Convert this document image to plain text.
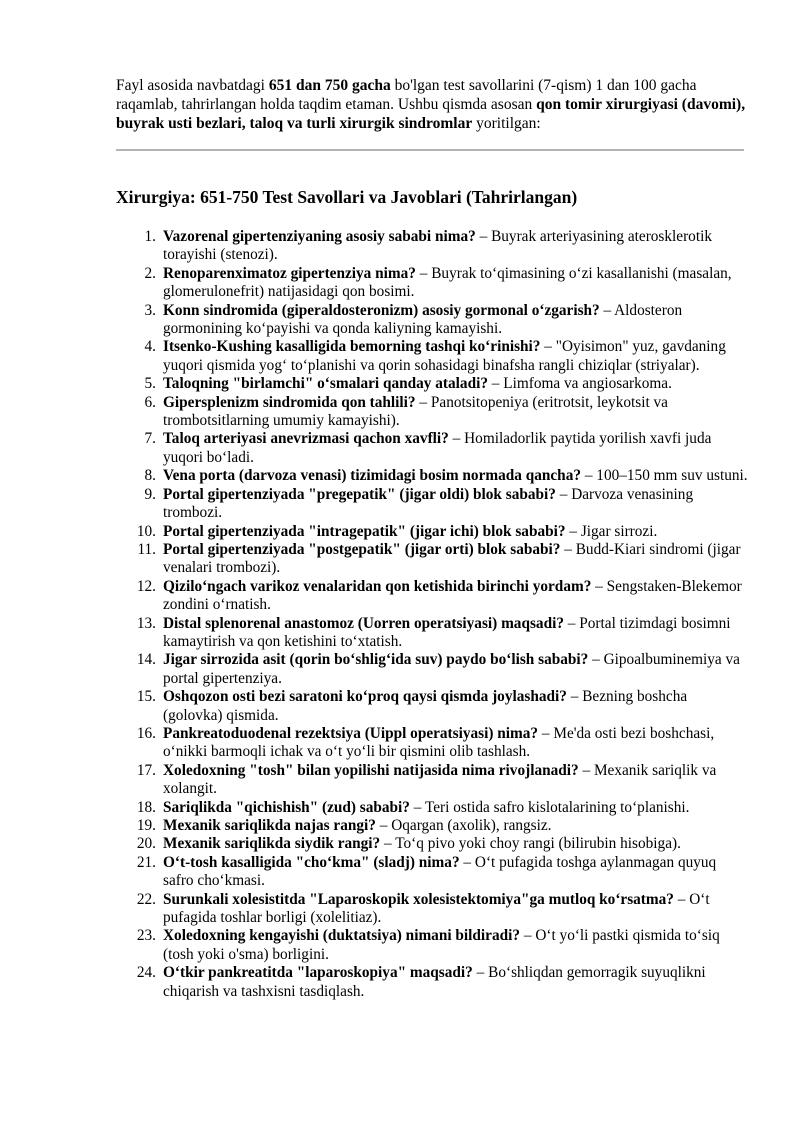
Fayl asosida navbatdagi 651 dan 750 gacha bo'lgan test savollarini (7-qism) 1 dan 100 gacha raqamlab, tahrirlangan holda taqdim etaman. Ushbu qismda asosan qon tomir xirurgiyasi (davomi), buyrak usti bezlari, taloq va turli xirurgik sindromlar yoritilgan:

Xirurgiya: 651-750 Test Savollari va Javoblari (Tahrirlangan)
1. Vazorenal gipertenziyaning asosiy sababi nima? – Buyrak arteriyasining aterosklerotik torayishi (stenozi).
2. Renoparenximatoz gipertenziya nima? – Buyrak to‘qimasining o‘zi kasallanishi (masalan, glomerulonefrit) natijasidagi qon bosimi.
3. Konn sindromida (giperaldosteronizm) asosiy gormonal o‘zgarish? – Aldosteron gormonining ko‘payishi va qonda kaliyning kamayishi.
4. Itsenko-Kushing kasalligida bemorning tashqi ko‘rinishi? – "Oyisimon" yuz, gavdaning yuqori qismida yog‘ to‘planishi va qorin sohasidagi binafsha rangli chiziqlar (striyalar).
5. Taloqning "birlamchi" o‘smalari qanday ataladi? – Limfoma va angiosarkoma.
6. Gipersplenizm sindromida qon tahlili? – Panotsitopeniya (eritrotsit, leykotsit va trombotsitlarning umumiy kamayishi).
7. Taloq arteriyasi anevrizmasi qachon xavfli? – Homiladorlik paytida yorilish xavfi juda yuqori bo‘ladi.
8. Vena porta (darvoza venasi) tizimidagi bosim normada qancha? – 100–150 mm suv ustuni.
9. Portal gipertenziyada "pregepatik" (jigar oldi) blok sababi? – Darvoza venasining trombozi.
10. Portal gipertenziyada "intragepatik" (jigar ichi) blok sababi? – Jigar sirrozi.
11. Portal gipertenziyada "postgepatik" (jigar orti) blok sababi? – Budd-Kiari sindromi (jigar venalari trombozi).
12. Qizilo‘ngach varikoz venalaridan qon ketishida birinchi yordam? – Sengstaken-Blekemor zondini o‘rnatish.
13. Distal splenorenal anastomoz (Uorren operatsiyasi) maqsadi? – Portal tizimdagi bosimni kamaytirish va qon ketishini to‘xtatish.
14. Jigar sirrozida asit (qorin bo‘shlig‘ida suv) paydo bo‘lish sababi? – Gipoalbuminemiya va portal gipertenziya.
15. Oshqozon osti bezi saratoni ko‘proq qaysi qismda joylashadi? – Bezning boshcha (golovka) qismida.
16. Pankreatoduodenal rezektsiya (Uippl operatsiyasi) nima? – Me'da osti bezi boshchasi, o‘nikki barmoqli ichak va o‘t yo‘li bir qismini olib tashlash.
17. Xoledoxning "tosh" bilan yopilishi natijasida nima rivojlanadi? – Mexanik sariqlik va xolangit.
18. Sariqlikda "qichishish" (zud) sababi? – Teri ostida safro kislotalarining to‘planishi.
19. Mexanik sariqlikda najas rangi? – Oqargan (axolik), rangsiz.
20. Mexanik sariqlikda siydik rangi? – To‘q pivo yoki choy rangi (bilirubin hisobiga).
21. O‘t-tosh kasalligida "cho‘kma" (sladj) nima? – O‘t pufagida toshga aylanmagan quyuq safro cho‘kmasi.
22. Surunkali xolesistitda "Laparoskopik xolesistektomiya"ga mutloq ko‘rsatma? – O‘t pufagida toshlar borligi (xolelitiaz).
23. Xoledoxning kengayishi (duktatsiya) nimani bildiradi? – O‘t yo‘li pastki qismida to‘siq (tosh yoki o'sma) borligini.
24. O‘tkir pankreatitda "laparoskopiya" maqsadi? – Bo‘shliqdan gemorragik suyuqlikni chiqarish va tashxisni tasdiqlash.
